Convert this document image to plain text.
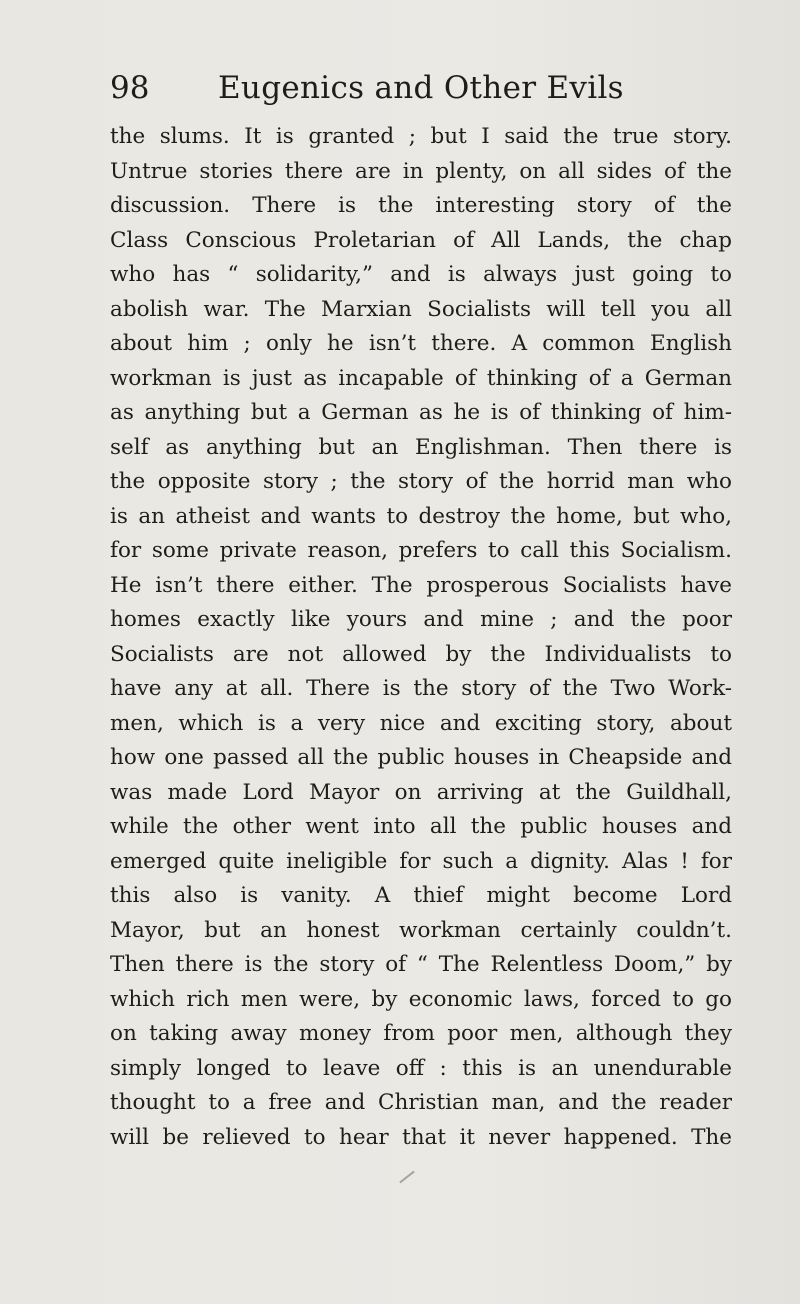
98 Eugenics and Other Evils
the slums. It is granted ; but I said the true story.
Untrue stories there are in plenty, on all sides of the
discussion. There is the interesting story of the
Class Conscious Proletarian of All Lands, the chap
who has “ solidarity,” and is always just going to
abolish war. The Marxian Socialists will tell you all
about him ; only he isn’t there. A common English
workman is just as incapable of thinking of a German
as anything but a German as he is of thinking of him-
self as anything but an Englishman. Then there is
the opposite story ; the story of the horrid man who
is an atheist and wants to destroy the home, but who,
for some private reason, prefers to call this Socialism.
He isn’t there either. The prosperous Socialists have
homes exactly like yours and mine ; and the poor
Socialists are not allowed by the Individualists to
have any at all. There is the story of the Two Work-
men, which is a very nice and exciting story, about
how one passed all the public houses in Cheapside and
was made Lord Mayor on arriving at the Guildhall,
while the other went into all the public houses and
emerged quite ineligible for such a dignity. Alas ! for
this also is vanity. A thief might become Lord
Mayor, but an honest workman certainly couldn’t.
Then there is the story of “ The Relentless Doom,” by
which rich men were, by economic laws, forced to go
on taking away money from poor men, although they
simply longed to leave off : this is an unendurable
thought to a free and Christian man, and the reader
will be relieved to hear that it never happened. The
